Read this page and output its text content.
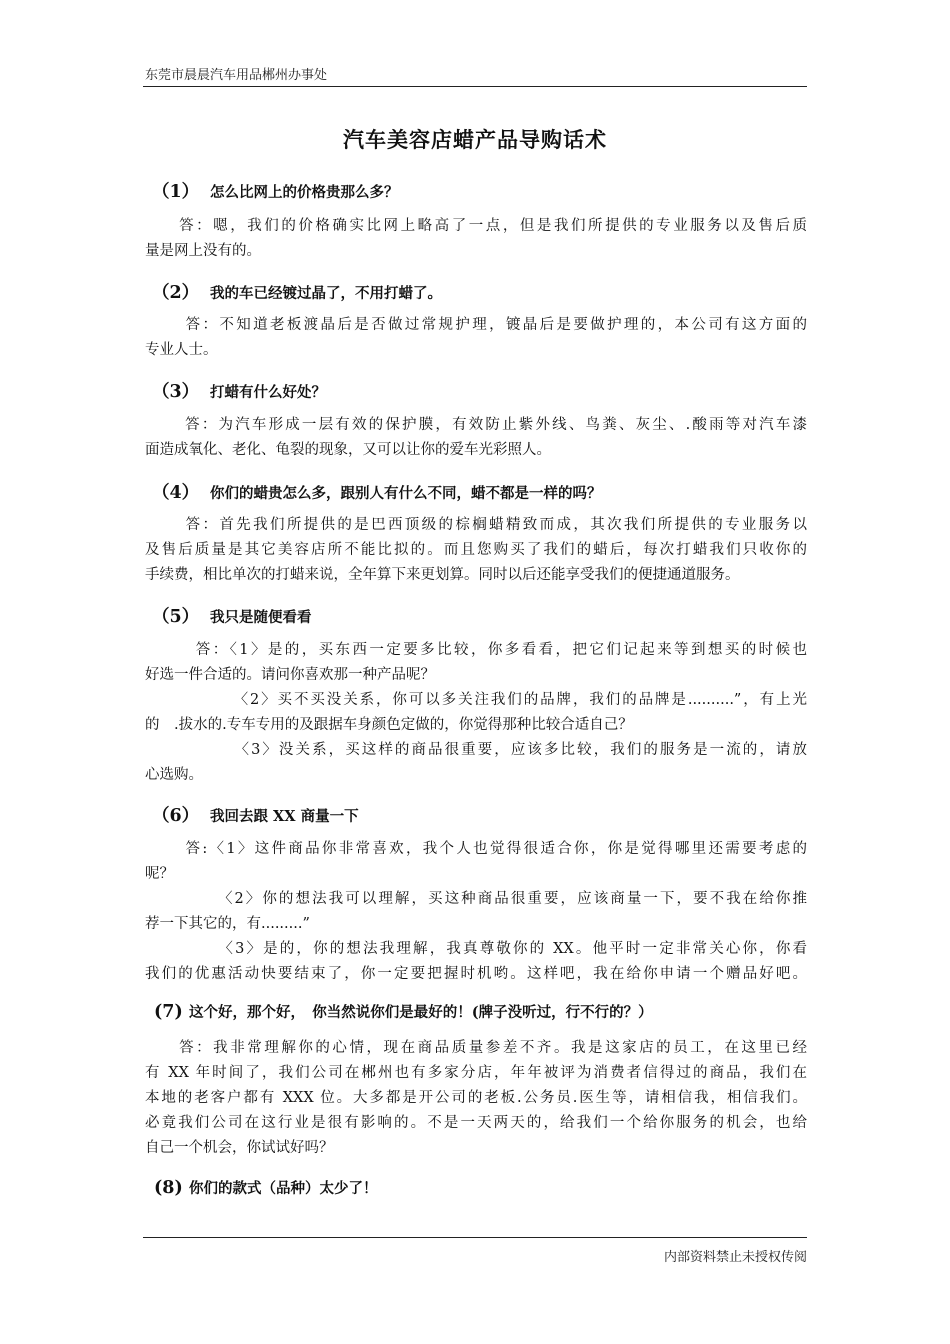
东莞市晨晨汽车用品郴州办事处
汽车美容店蜡产品导购话术
（1） 怎么比网上的价格贵那么多？
　　答：嗯，我们的价格确实比网上略高了一点，但是我们所提供的专业服务以及售后质
量是网上没有的。
（2） 我的车已经镀过晶了，不用打蜡了。
　　 答：不知道老板渡晶后是否做过常规护理，镀晶后是要做护理的，本公司有这方面的
专业人士。
（3） 打蜡有什么好处？
　　 答：为汽车形成一层有效的保护膜，有效防止紫外线、鸟粪、灰尘、.酸雨等对汽车漆
面造成氧化、老化、龟裂的现象，又可以让你的爱车光彩照人。
（4） 你们的蜡贵怎么多，跟别人有什么不同，蜡不都是一样的吗？
　　 答：首先我们所提供的是巴西顶级的棕榈蜡精致而成，其次我们所提供的专业服务以
及售后质量是其它美容店所不能比拟的。而且您购买了我们的蜡后，每次打蜡我们只收你的
手续费，相比单次的打蜡来说，全年算下来更划算。同时以后还能享受我们的便捷通道服务。
（5） 我只是随便看看
　　　答：〈1〉是的，买东西一定要多比较，你多看看，把它们记起来等到想买的时候也
好选一件合适的。请问你喜欢那一种产品呢？
　　　　　 〈2〉买不买没关系，你可以多关注我们的品牌，我们的品牌是..........”，有上光
的　.拔水的.专车专用的及跟据车身颜色定做的，你觉得那种比较合适自己？
　　　　　 〈3〉没关系，买这样的商品很重要，应该多比较，我们的服务是一流的，请放
心选购。
（6） 我回去跟 XX 商量一下
　　 答:〈1〉这件商品你非常喜欢，我个人也觉得很适合你，你是觉得哪里还需要考虑的
呢？
　　　　 〈2〉你的想法我可以理解，买这种商品很重要，应该商量一下，要不我在给你推
荐一下其它的，有.........”
　　　　 〈3〉是的，你的想法我理解，我真尊敬你的 XX。他平时一定非常关心你，你看
我们的优惠活动快要结束了，你一定要把握时机哟。这样吧，我在给你申请一个赠品好吧。
(7) 这个好，那个好，　你当然说你们是最好的！(牌子没听过，行不行的？）
　　答：我非常理解你的心情，现在商品质量参差不齐。我是这家店的员工，在这里已经
有 XX 年时间了，我们公司在郴州也有多家分店，年年被评为消费者信得过的商品，我们在
本地的老客户都有 XXX 位。大多都是开公司的老板.公务员.医生等，请相信我，相信我们。
必竟我们公司在这行业是很有影响的。不是一天两天的，给我们一个给你服务的机会，也给
自己一个机会，你试试好吗？
(8) 你们的款式（品种）太少了！
内部资料禁止未授权传阅
